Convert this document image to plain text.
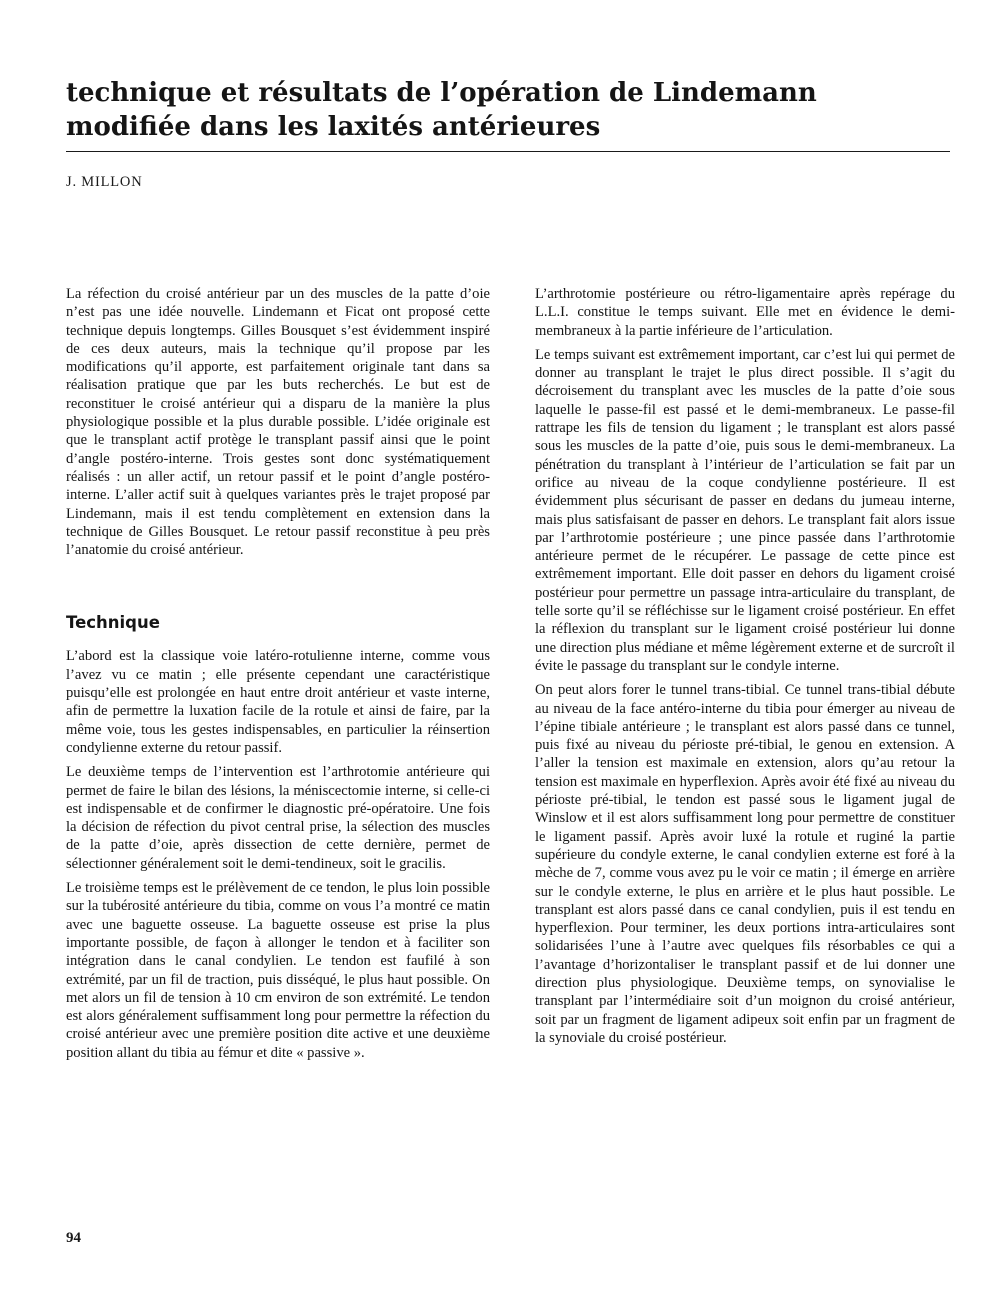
technique et résultats de l’opération de Lindemann
modifiée dans les laxités antérieures
J. MILLON

La réfection du croisé antérieur par un des muscles de la patte d’oie n’est pas une idée nouvelle. Lindemann et Ficat ont proposé cette technique depuis longtemps. Gilles Bousquet s’est évidemment inspiré de ces deux auteurs, mais la technique qu’il propose par les modifications qu’il apporte, est parfaitement originale tant dans sa réalisation pratique que par les buts recherchés. Le but est de reconstituer le croisé antérieur qui a disparu de la manière la plus physiologique possible et la plus durable possible. L’idée originale est que le transplant actif protège le transplant passif ainsi que le point d’angle postéro-interne. Trois gestes sont donc systématiquement réalisés : un aller actif, un retour passif et le point d’angle postéro-interne. L’aller actif suit à quelques variantes près le trajet proposé par Lindemann, mais il est tendu complètement en extension dans la technique de Gilles Bousquet. Le retour passif reconstitue à peu près l’anatomie du croisé antérieur.

Technique

L’abord est la classique voie latéro-rotulienne interne, comme vous l’avez vu ce matin ; elle présente cependant une caractéristique puisqu’elle est prolongée en haut entre droit antérieur et vaste interne, afin de permettre la luxation facile de la rotule et ainsi de faire, par la même voie, tous les gestes indispensables, en particulier la réinsertion condylienne externe du retour passif.

Le deuxième temps de l’intervention est l’arthrotomie antérieure qui permet de faire le bilan des lésions, la méniscectomie interne, si celle-ci est indispensable et de confirmer le diagnostic pré-opératoire. Une fois la décision de réfection du pivot central prise, la sélection des muscles de la patte d’oie, après dissection de cette dernière, permet de sélectionner généralement soit le demi-tendineux, soit le gracilis.

Le troisième temps est le prélèvement de ce tendon, le plus loin possible sur la tubérosité antérieure du tibia, comme on vous l’a montré ce matin avec une baguette osseuse. La baguette osseuse est prise la plus importante possible, de façon à allonger le tendon et à faciliter son intégration dans le canal condylien. Le tendon est faufilé à son extrémité, par un fil de traction, puis disséqué, le plus haut possible. On met alors un fil de tension à 10 cm environ de son extrémité. Le tendon est alors généralement suffisamment long pour permettre la réfection du croisé antérieur avec une première position dite active et une deuxième position allant du tibia au fémur et dite « passive ».

L’arthrotomie postérieure ou rétro-ligamentaire après repérage du L.L.I. constitue le temps suivant. Elle met en évidence le demi-membraneux à la partie inférieure de l’articulation.

Le temps suivant est extrêmement important, car c’est lui qui permet de donner au transplant le trajet le plus direct possible. Il s’agit du décroisement du transplant avec les muscles de la patte d’oie sous laquelle le passe-fil est passé et le demi-membraneux. Le passe-fil rattrape les fils de tension du ligament ; le transplant est alors passé sous les muscles de la patte d’oie, puis sous le demi-membraneux. La pénétration du transplant à l’intérieur de l’articulation se fait par un orifice au niveau de la coque condylienne postérieure. Il est évidemment plus sécurisant de passer en dedans du jumeau interne, mais plus satisfaisant de passer en dehors. Le transplant fait alors issue par l’arthrotomie postérieure ; une pince passée dans l’arthrotomie antérieure permet de le récupérer. Le passage de cette pince est extrêmement important. Elle doit passer en dehors du ligament croisé postérieur pour permettre un passage intra-articulaire du transplant, de telle sorte qu’il se réfléchisse sur le ligament croisé postérieur. En effet la réflexion du transplant sur le ligament croisé postérieur lui donne une direction plus médiane et même légèrement externe et de surcroît il évite le passage du transplant sur le condyle interne.

On peut alors forer le tunnel trans-tibial. Ce tunnel trans-tibial débute au niveau de la face antéro-interne du tibia pour émerger au niveau de l’épine tibiale antérieure ; le transplant est alors passé dans ce tunnel, puis fixé au niveau du périoste pré-tibial, le genou en extension. A l’aller la tension est maximale en extension, alors qu’au retour la tension est maximale en hyperflexion. Après avoir été fixé au niveau du périoste pré-tibial, le tendon est passé sous le ligament jugal de Winslow et il est alors suffisamment long pour permettre de constituer le ligament passif. Après avoir luxé la rotule et ruginé la partie supérieure du condyle externe, le canal condylien externe est foré à la mèche de 7, comme vous avez pu le voir ce matin ; il émerge en arrière sur le condyle externe, le plus en arrière et le plus haut possible. Le transplant est alors passé dans ce canal condylien, puis il est tendu en hyperflexion. Pour terminer, les deux portions intra-articulaires sont solidarisées l’une à l’autre avec quelques fils résorbables ce qui a l’avantage d’horizontaliser le transplant passif et de lui donner une direction plus physiologique. Deuxième temps, on synovialise le transplant par l’intermédiaire soit d’un moignon du croisé antérieur, soit par un fragment de ligament adipeux soit enfin par un fragment de la synoviale du croisé postérieur.

94
